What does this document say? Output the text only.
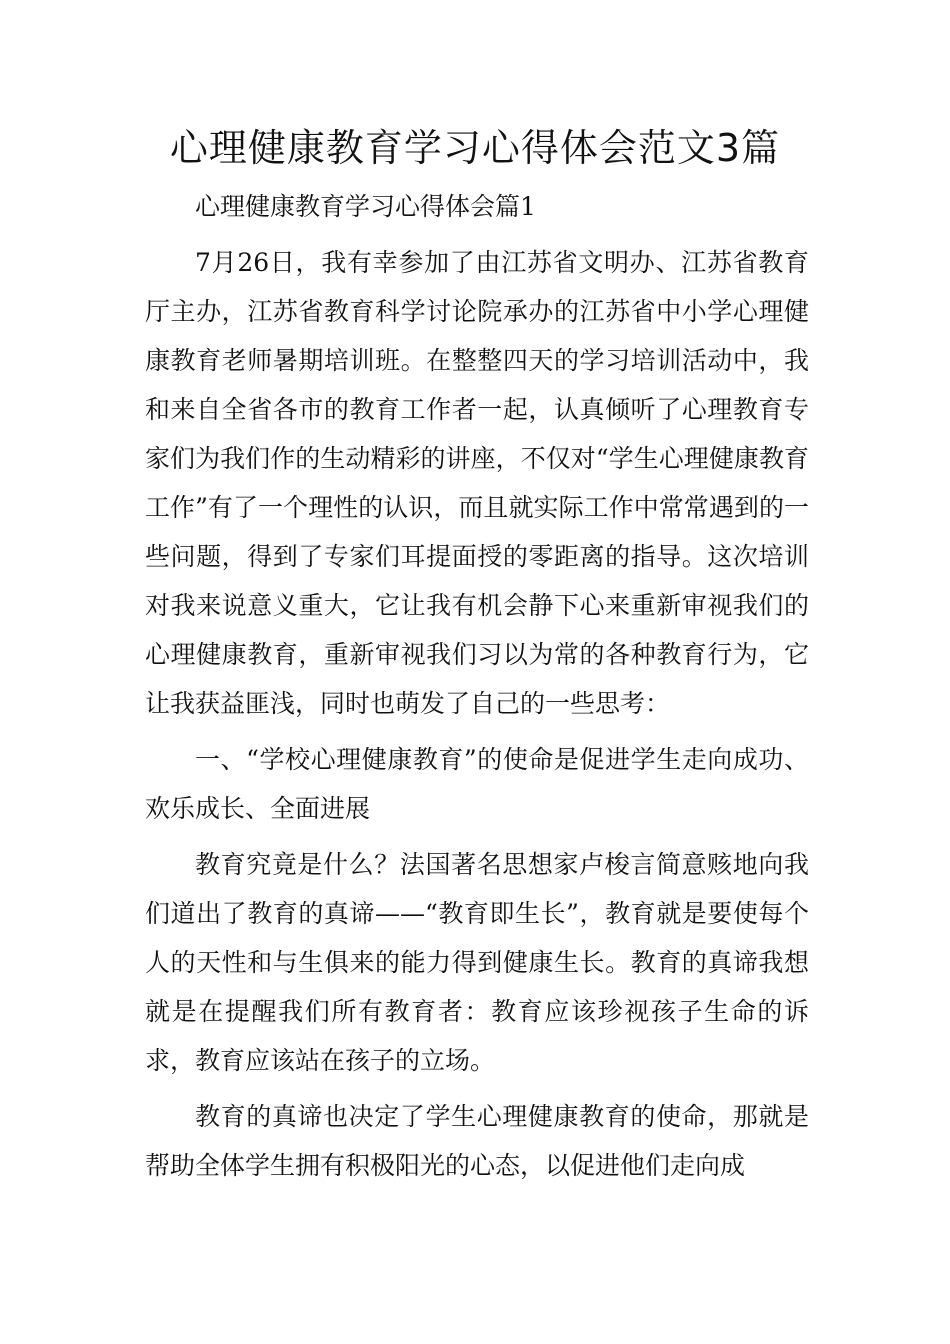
心理健康教育学习心得体会范文3篇

心理健康教育学习心得体会篇1

7月26日，我有幸参加了由江苏省文明办、江苏省教育厅主办，江苏省教育科学讨论院承办的江苏省中小学心理健康教育老师暑期培训班。在整整四天的学习培训活动中，我和来自全省各市的教育工作者一起，认真倾听了心理教育专家们为我们作的生动精彩的讲座，不仅对“学生心理健康教育工作”有了一个理性的认识，而且就实际工作中常常遇到的一些问题，得到了专家们耳提面授的零距离的指导。这次培训对我来说意义重大，它让我有机会静下心来重新审视我们的心理健康教育，重新审视我们习以为常的各种教育行为，它让我获益匪浅，同时也萌发了自己的一些思考：

一、“学校心理健康教育”的使命是促进学生走向成功、欢乐成长、全面进展

教育究竟是什么？法国著名思想家卢梭言简意赅地向我们道出了教育的真谛——“教育即生长”，教育就是要使每个人的天性和与生俱来的能力得到健康生长。教育的真谛我想就是在提醒我们所有教育者：教育应该珍视孩子生命的诉求，教育应该站在孩子的立场。

教育的真谛也决定了学生心理健康教育的使命，那就是帮助全体学生拥有积极阳光的心态，以促进他们走向成
